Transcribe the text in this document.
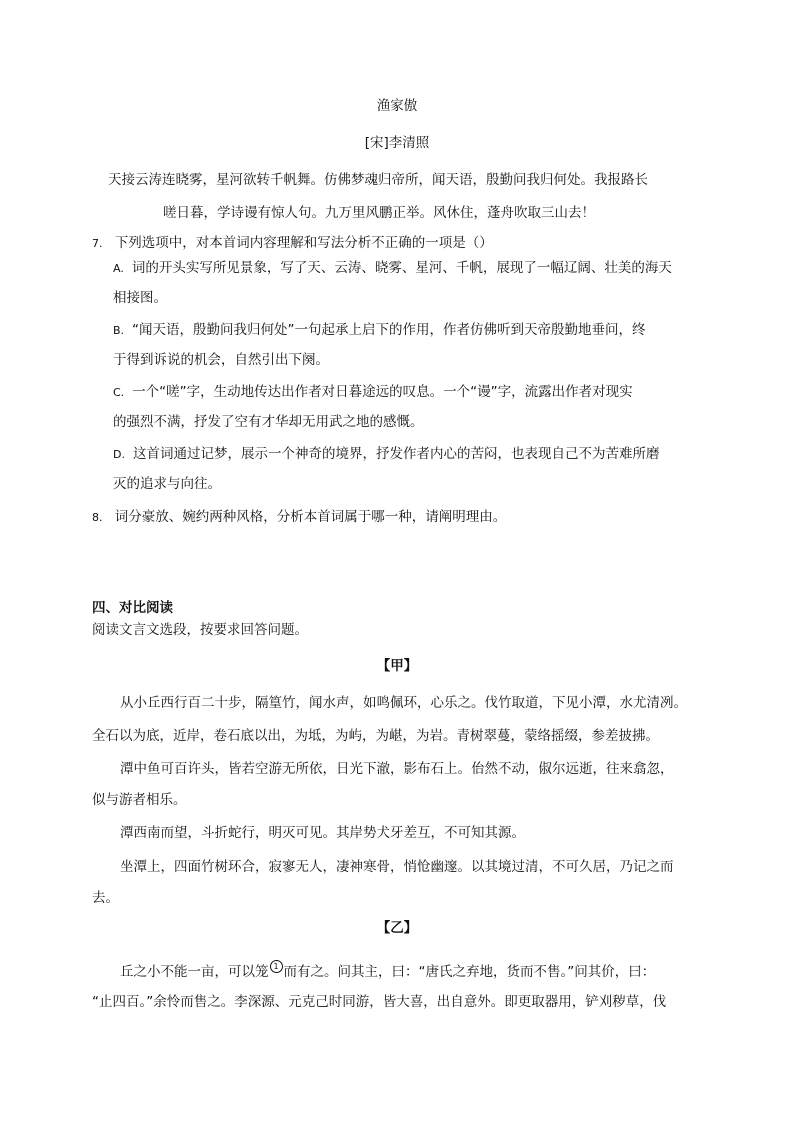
渔家傲
[宋]李清照
天接云涛连晓雾，星河欲转千帆舞。仿佛梦魂归帝所，闻天语，殷勤问我归何处。我报路长
嗟日暮，学诗谩有惊人句。九万里风鹏正举。风休住，蓬舟吹取三山去！
7. 下列选项中，对本首词内容理解和写法分析不正确的一项是（）
A. 词的开头实写所见景象，写了天、云涛、晓雾、星河、千帆，展现了一幅辽阔、壮美的海天
相接图。
B. “闻天语，殷勤问我归何处”一句起承上启下的作用，作者仿佛听到天帝殷勤地垂问，终
于得到诉说的机会，自然引出下阕。
C. 一个“嗟”字，生动地传达出作者对日暮途远的叹息。一个“谩”字，流露出作者对现实
的强烈不满，抒发了空有才华却无用武之地的感慨。
D. 这首词通过记梦，展示一个神奇的境界，抒发作者内心的苦闷，也表现自己不为苦难所磨
灭的追求与向往。
8. 词分豪放、婉约两种风格，分析本首词属于哪一种，请阐明理由。
四、对比阅读
阅读文言文选段，按要求回答问题。
【甲】
从小丘西行百二十步，隔篁竹，闻水声，如鸣佩环，心乐之。伐竹取道，下见小潭，水尤清冽。
全石以为底，近岸，卷石底以出，为坻，为屿，为嵁，为岩。青树翠蔓，蒙络摇缀，参差披拂。
潭中鱼可百许头，皆若空游无所依，日光下澈，影布石上。佁然不动，俶尔远逝，往来翕忽，
似与游者相乐。
潭西南而望，斗折蛇行，明灭可见。其岸势犬牙差互，不可知其源。
坐潭上，四面竹树环合，寂寥无人，凄神寒骨，悄怆幽邃。以其境过清，不可久居，乃记之而
去。
【乙】
丘之小不能一亩，可以笼 $^1$ 而有之。问其主，曰：“唐氏之弃地，货而不售。”问其价，曰：
“止四百。”余怜而售之。李深源、元克己时同游，皆大喜，出自意外。即更取器用，铲刈秽草，伐
